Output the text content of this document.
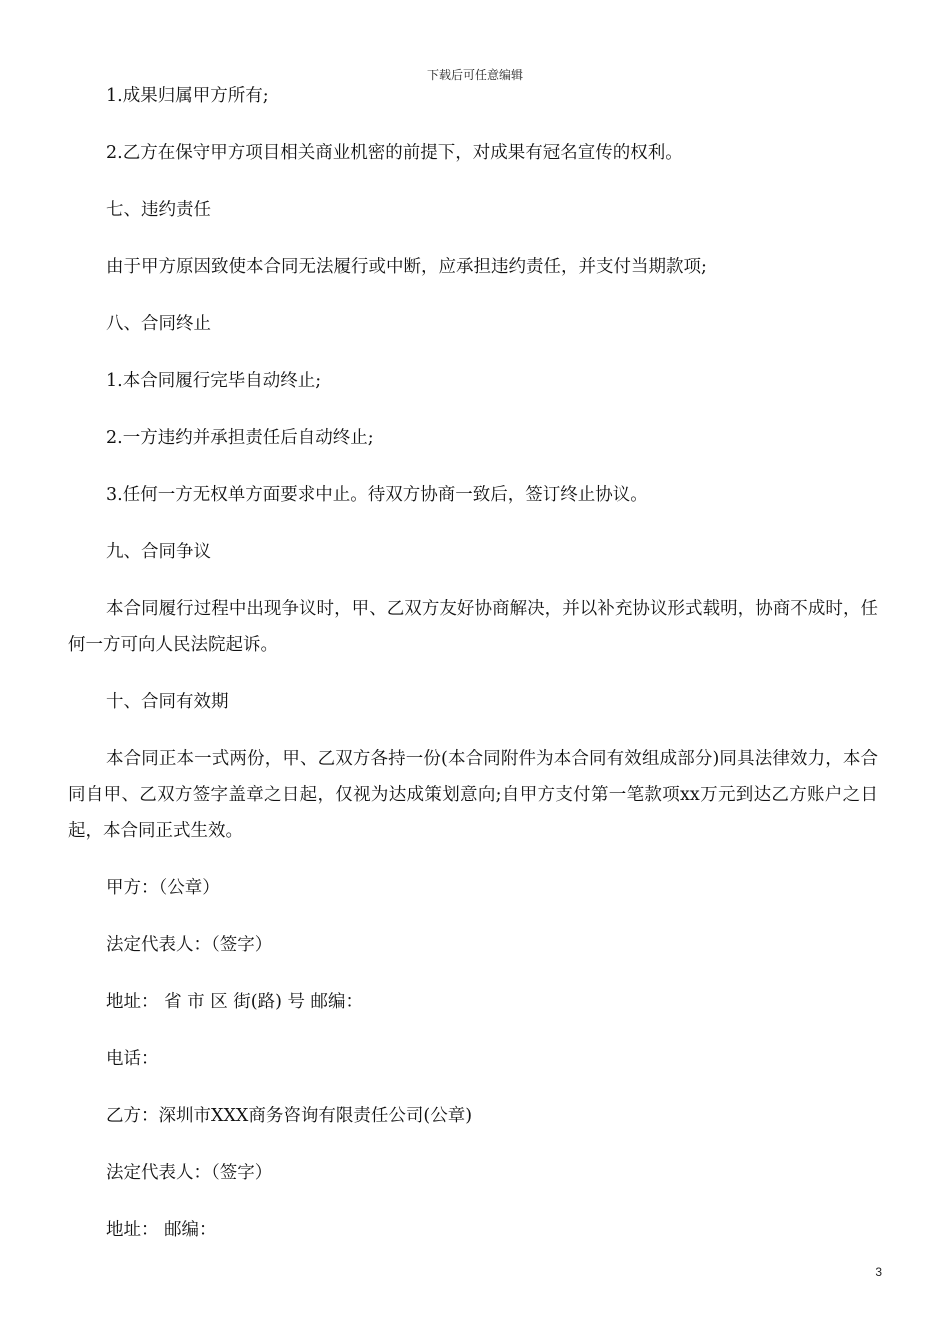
下载后可任意编辑

1.成果归属甲方所有;

2.乙方在保守甲方项目相关商业机密的前提下，对成果有冠名宣传的权利。

七、违约责任

由于甲方原因致使本合同无法履行或中断，应承担违约责任，并支付当期款项;

八、合同终止

1.本合同履行完毕自动终止;

2.一方违约并承担责任后自动终止;

3.任何一方无权单方面要求中止。待双方协商一致后，签订终止协议。

九、合同争议

本合同履行过程中出现争议时，甲、乙双方友好协商解决，并以补充协议形式载明，协商不成时，任何一方可向人民法院起诉。

十、合同有效期

本合同正本一式两份，甲、乙双方各持一份(本合同附件为本合同有效组成部分)同具法律效力，本合同自甲、乙双方签字盖章之日起，仅视为达成策划意向;自甲方支付第一笔款项xx万元到达乙方账户之日起，本合同正式生效。

甲方：（公章）

法定代表人：（签字）

地址： 省 市 区 街(路) 号 邮编：

电话：

乙方：深圳市XXX商务咨询有限责任公司(公章)

法定代表人：（签字）

地址： 邮编：

3
